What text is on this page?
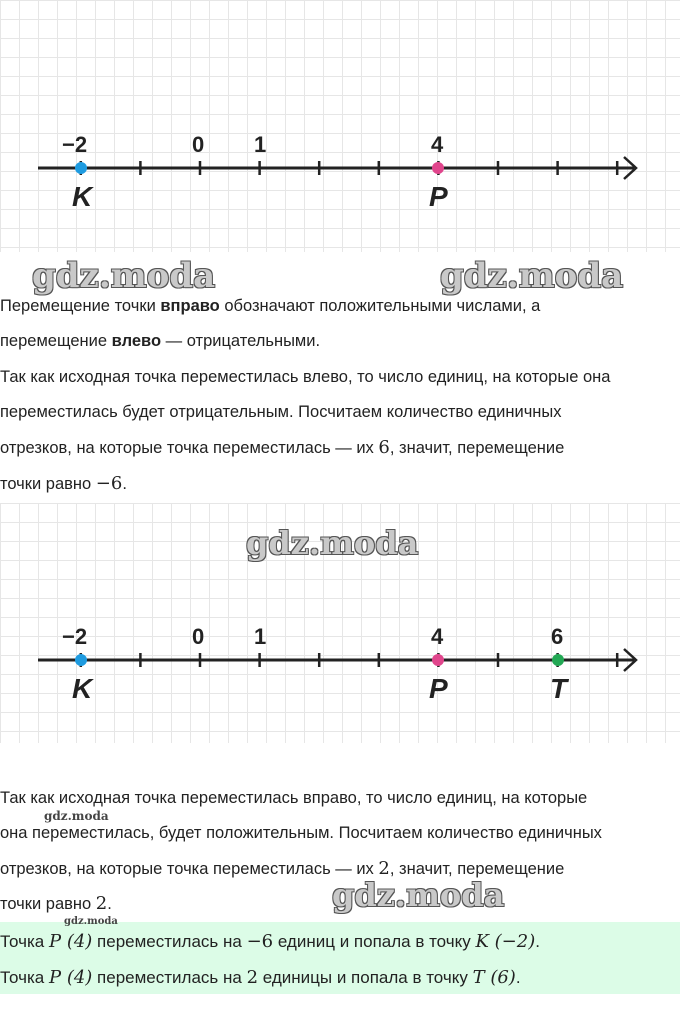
−2	0 1	4
K	P
gdz.moda	gdz.moda

Перемещение точки вправо обозначают положительными числами, а

перемещение влево — отрицательными.

Так как исходная точка переместилась влево, то число единиц, на которые она

переместилась будет отрицательным. Посчитаем количество единичных

отрезков, на которые точка переместилась — их 6, значит, перемещение

точки равно −6.

−2	0 1	4	6
K	P	T
gdz.moda

Так как исходная точка переместилась вправо, то число единиц, на которые

она переместилась, будет положительным. Посчитаем количество единичных

отрезков, на которые точка переместилась — их 2, значит, перемещение

точки равно 2.

gdz.moda
gdz.moda
gdz.moda

Точка P (4) переместилась на −6 единиц и попала в точку K (−2).

Точка P (4) переместилась на 2 единицы и попала в точку T (6).
